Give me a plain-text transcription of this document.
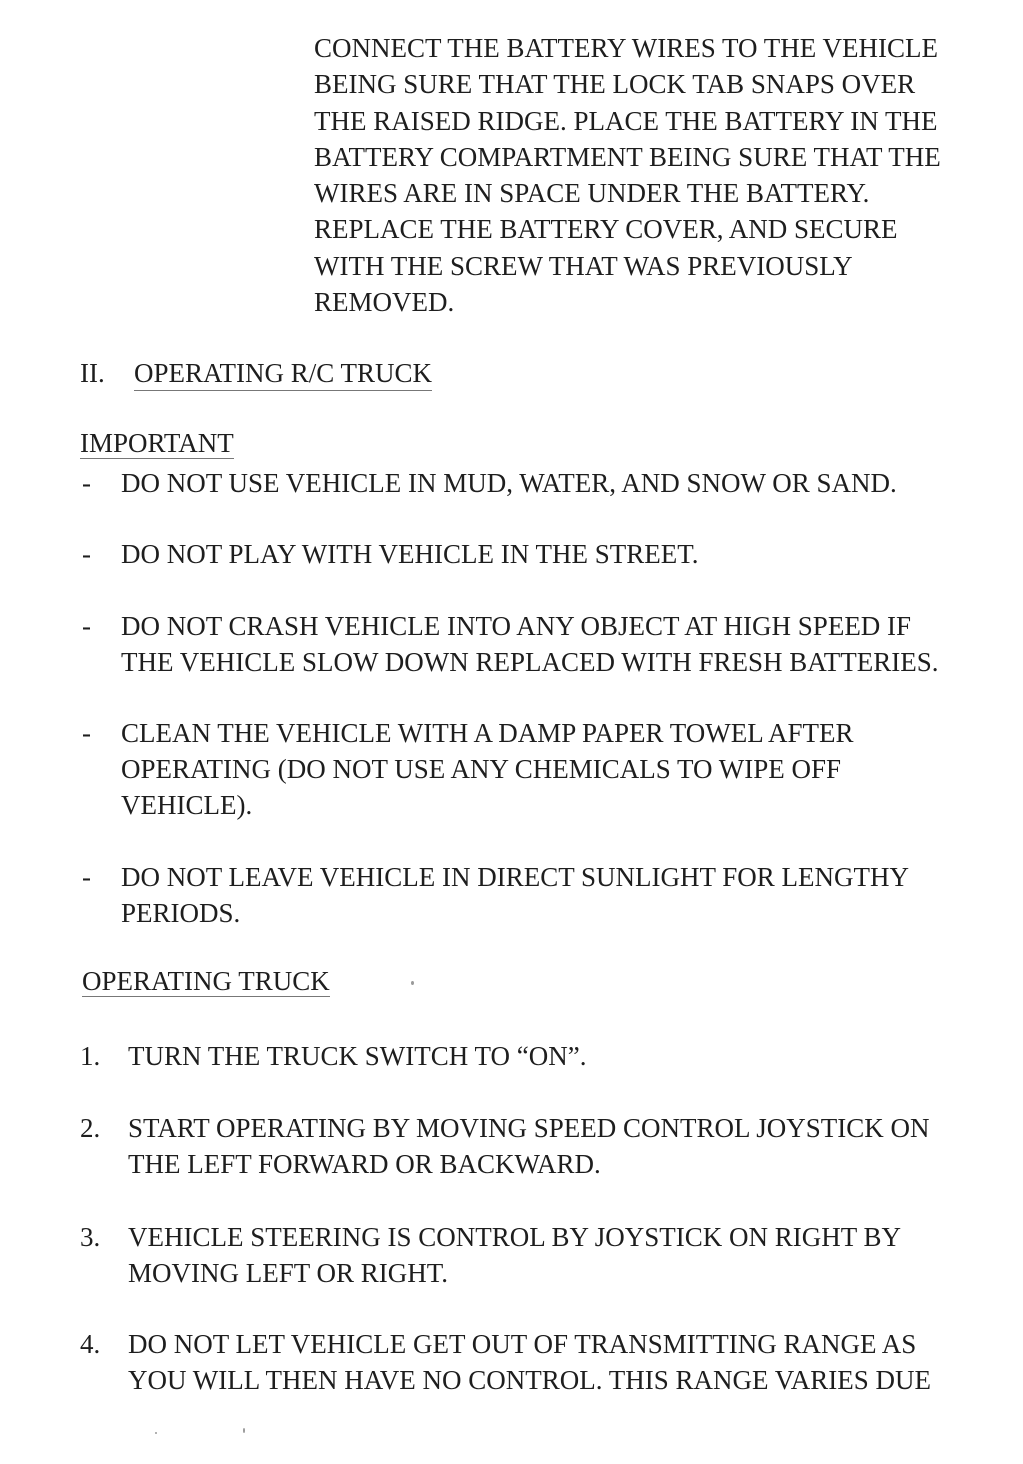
CONNECT THE BATTERY WIRES TO THE VEHICLE
BEING SURE THAT THE LOCK TAB SNAPS OVER
THE RAISED RIDGE. PLACE THE BATTERY IN THE
BATTERY COMPARTMENT BEING SURE THAT THE
WIRES ARE IN SPACE UNDER THE BATTERY.
REPLACE THE BATTERY COVER, AND SECURE
WITH THE SCREW THAT WAS PREVIOUSLY
REMOVED.
II. OPERATING R/C TRUCK
IMPORTANT
- DO NOT USE VEHICLE IN MUD, WATER, AND SNOW OR SAND.
- DO NOT PLAY WITH VEHICLE IN THE STREET.
- DO NOT CRASH VEHICLE INTO ANY OBJECT AT HIGH SPEED IF
THE VEHICLE SLOW DOWN REPLACED WITH FRESH BATTERIES.
- CLEAN THE VEHICLE WITH A DAMP PAPER TOWEL AFTER
OPERATING (DO NOT USE ANY CHEMICALS TO WIPE OFF
VEHICLE).
- DO NOT LEAVE VEHICLE IN DIRECT SUNLIGHT FOR LENGTHY
PERIODS.
OPERATING TRUCK
1. TURN THE TRUCK SWITCH TO “ON”.
2. START OPERATING BY MOVING SPEED CONTROL JOYSTICK ON
THE LEFT FORWARD OR BACKWARD.
3. VEHICLE STEERING IS CONTROL BY JOYSTICK ON RIGHT BY
MOVING LEFT OR RIGHT.
4. DO NOT LET VEHICLE GET OUT OF TRANSMITTING RANGE AS
YOU WILL THEN HAVE NO CONTROL. THIS RANGE VARIES DUE
